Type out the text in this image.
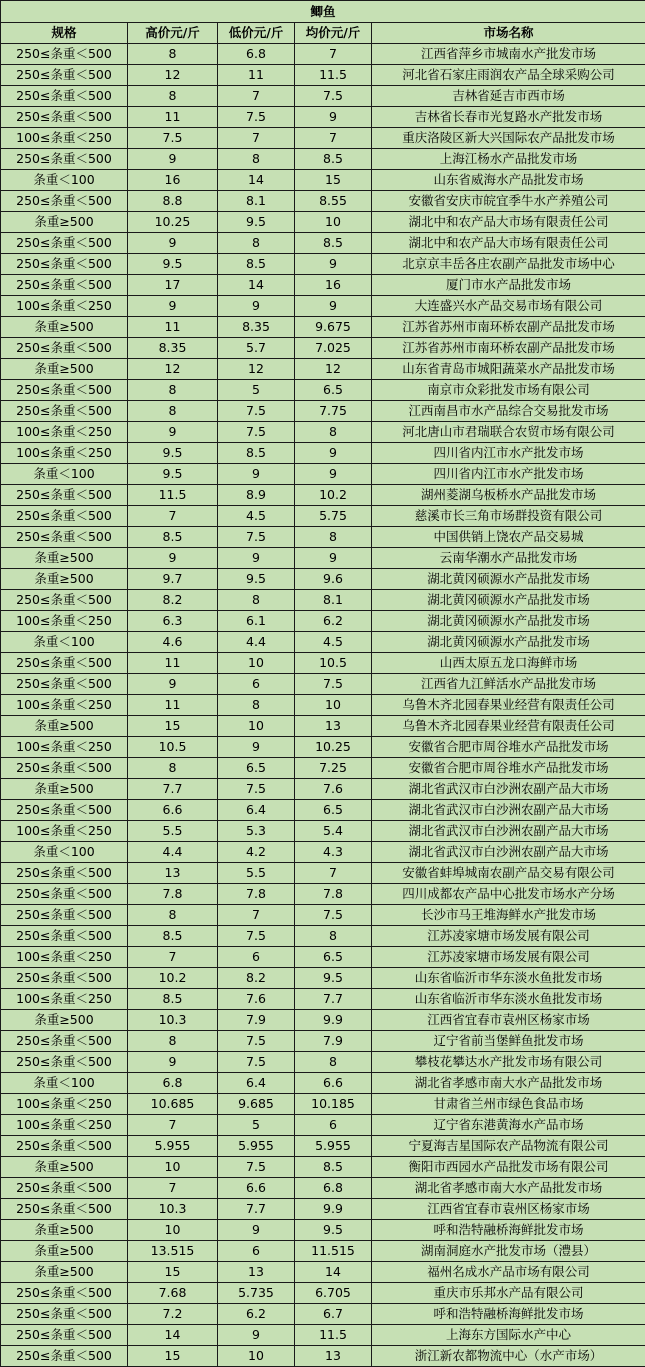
鲫鱼				
规格	高价元/斤	低价元/斤	均价元/斤	市场名称
250≤条重＜500	8	6.8	7	江西省萍乡市城南水产批发市场
250≤条重＜500	12	11	11.5	河北省石家庄雨润农产品全球采购公司
250≤条重＜500	8	7	7.5	吉林省延吉市西市场
250≤条重＜500	11	7.5	9	吉林省长春市光复路水产批发市场
100≤条重＜250	7.5	7	7	重庆洛陵区新大兴国际农产品批发市场
250≤条重＜500	9	8	8.5	上海江杨水产品批发市场
条重＜100	16	14	15	山东省威海水产品批发市场
250≤条重＜500	8.8	8.1	8.55	安徽省安庆市皖宜季牛水产养殖公司
条重≥500	10.25	9.5	10	湖北中和农产品大市场有限责任公司
250≤条重＜500	9	8	8.5	湖北中和农产品大市场有限责任公司
250≤条重＜500	9.5	8.5	9	北京京丰岳各庄农副产品批发市场中心
250≤条重＜500	17	14	16	厦门市水产品批发市场
100≤条重＜250	9	9	9	大连盛兴水产品交易市场有限公司
条重≥500	11	8.35	9.675	江苏省苏州市南环桥农副产品批发市场
250≤条重＜500	8.35	5.7	7.025	江苏省苏州市南环桥农副产品批发市场
条重≥500	12	12	12	山东省青岛市城阳蔬菜水产品批发市场
250≤条重＜500	8	5	6.5	南京市众彩批发市场有限公司
250≤条重＜500	8	7.5	7.75	江西南昌市水产品综合交易批发市场
100≤条重＜250	9	7.5	8	河北唐山市君瑞联合农贸市场有限公司
100≤条重＜250	9.5	8.5	9	四川省内江市水产批发市场
条重＜100	9.5	9	9	四川省内江市水产批发市场
250≤条重＜500	11.5	8.9	10.2	湖州菱湖乌板桥水产品批发市场
250≤条重＜500	7	4.5	5.75	慈溪市长三角市场群投资有限公司
250≤条重＜500	8.5	7.5	8	中国供销上饶农产品交易城
条重≥500	9	9	9	云南华潮水产品批发市场
条重≥500	9.7	9.5	9.6	湖北黄冈硕源水产品批发市场
250≤条重＜500	8.2	8	8.1	湖北黄冈硕源水产品批发市场
100≤条重＜250	6.3	6.1	6.2	湖北黄冈硕源水产品批发市场
条重＜100	4.6	4.4	4.5	湖北黄冈硕源水产品批发市场
250≤条重＜500	11	10	10.5	山西太原五龙口海鲜市场
250≤条重＜500	9	6	7.5	江西省九江鲜活水产品批发市场
100≤条重＜250	11	8	10	乌鲁木齐北园春果业经营有限责任公司
条重≥500	15	10	13	乌鲁木齐北园春果业经营有限责任公司
100≤条重＜250	10.5	9	10.25	安徽省合肥市周谷堆水产品批发市场
250≤条重＜500	8	6.5	7.25	安徽省合肥市周谷堆水产品批发市场
条重≥500	7.7	7.5	7.6	湖北省武汉市白沙洲农副产品大市场
250≤条重＜500	6.6	6.4	6.5	湖北省武汉市白沙洲农副产品大市场
100≤条重＜250	5.5	5.3	5.4	湖北省武汉市白沙洲农副产品大市场
条重＜100	4.4	4.2	4.3	湖北省武汉市白沙洲农副产品大市场
250≤条重＜500	13	5.5	7	安徽省蚌埠城南农副产品交易有限公司
250≤条重＜500	7.8	7.8	7.8	四川成都农产品中心批发市场水产分场
250≤条重＜500	8	7	7.5	长沙市马王堆海鲜水产批发市场
250≤条重＜500	8.5	7.5	8	江苏凌家塘市场发展有限公司
100≤条重＜250	7	6	6.5	江苏凌家塘市场发展有限公司
250≤条重＜500	10.2	8.2	9.5	山东省临沂市华东淡水鱼批发市场
100≤条重＜250	8.5	7.6	7.7	山东省临沂市华东淡水鱼批发市场
条重≥500	10.3	7.9	9.9	江西省宜春市袁州区杨家市场
250≤条重＜500	8	7.5	7.9	辽宁省前当堡鲜鱼批发市场
250≤条重＜500	9	7.5	8	攀枝花攀达水产批发市场有限公司
条重＜100	6.8	6.4	6.6	湖北省孝感市南大水产品批发市场
100≤条重＜250	10.685	9.685	10.185	甘肃省兰州市绿色食品市场
100≤条重＜250	7	5	6	辽宁省东港黄海水产品市场
250≤条重＜500	5.955	5.955	5.955	宁夏海吉星国际农产品物流有限公司
条重≥500	10	7.5	8.5	衡阳市西园水产品批发市场有限公司
250≤条重＜500	7	6.6	6.8	湖北省孝感市南大水产品批发市场
250≤条重＜500	10.3	7.7	9.9	江西省宜春市袁州区杨家市场
条重≥500	10	9	9.5	呼和浩特融桥海鲜批发市场
条重≥500	13.515	6	11.515	湖南洞庭水产批发市场（澧县）
条重≥500	15	13	14	福州名成水产品市场有限公司
250≤条重＜500	7.68	5.735	6.705	重庆市乐邦水产品有限公司
250≤条重＜500	7.2	6.2	6.7	呼和浩特融桥海鲜批发市场
250≤条重＜500	14	9	11.5	上海东方国际水产中心
250≤条重＜500	15	10	13	浙江新农都物流中心（水产市场）
